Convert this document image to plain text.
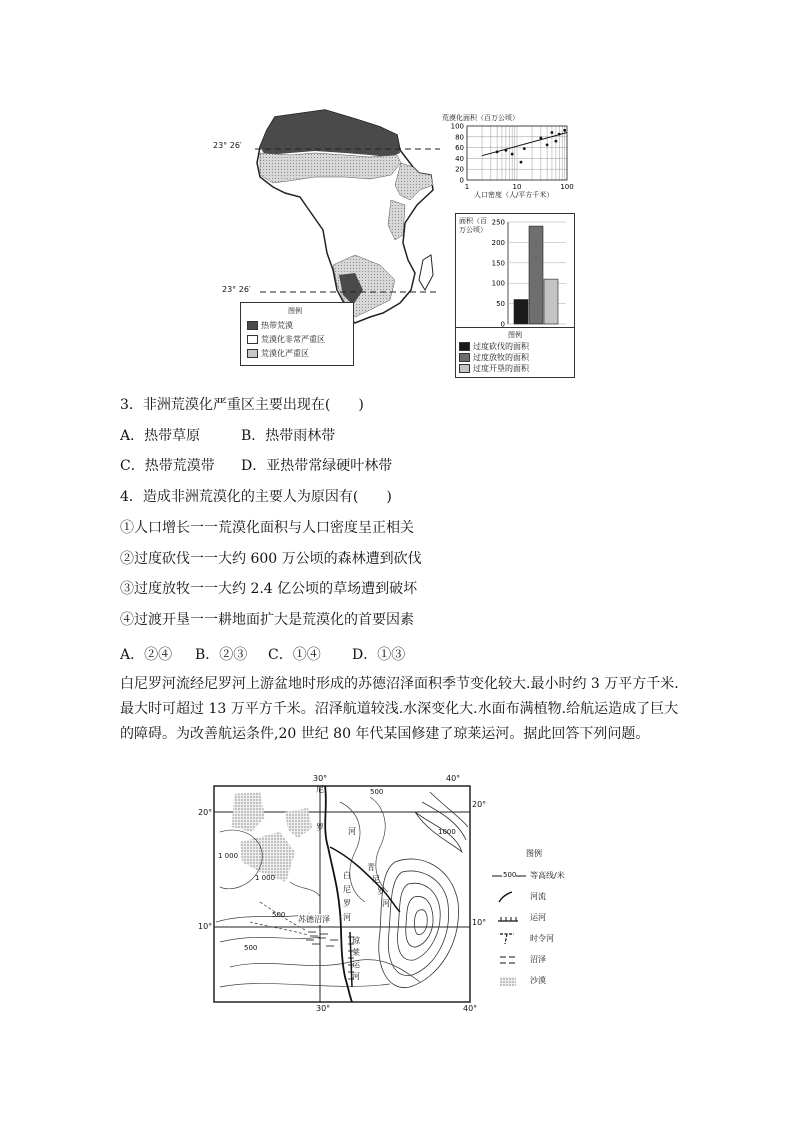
23° 26′
23° 26′
图例
热带荒漠
荒漠化非常严重区
荒漠化严重区
荒漠化面积（百万公顷）
100
80
60
40
20
0
1	10	100
人口密度（人/平方千米）
面积（百万公顷）
250
200
150
100
50
0
图例
过度砍伐的面积
过度放牧的面积
过度开垦的面积
3．非洲荒漠化严重区主要出现在(　　)
A．热带草原	B．热带雨林带
C．热带荒漠带 D．亚热带常绿硬叶林带
4．造成非洲荒漠化的主要人为原因有(　　)
①人口增长一一荒漠化面积与人口密度呈正相关
②过度砍伐一一大约 600 万公顷的森林遭到砍伐
③过度放牧一一大约 2.4 亿公顷的草场遭到破坏
④过渡开垦一一耕地面扩大是荒漠化的首要因素
A．②④ B．②③ C．①④ D．①③
白尼罗河流经尼罗河上游盆地时形成的苏德沼泽面积季节变化较大.最小时约 3 万平方千米.最大时可超过 13 万平方千米。沼泽航道较浅.水深变化大.水面布满植物.给航运造成了巨大的障碍。为改善航运条件,20 世纪 80 年代某国修建了琼莱运河。据此回答下列问题。
30°	40°
30°	40°
20°
20°
10°	10°
1 000
1 000
500
500
1000
500
尼
罗	河
青
尼
罗
河
白
尼
罗
河
苏德沼泽
琼
莱
运
河
图例
500 等高线/米
河流
运河
时令河
沼泽
沙漠
